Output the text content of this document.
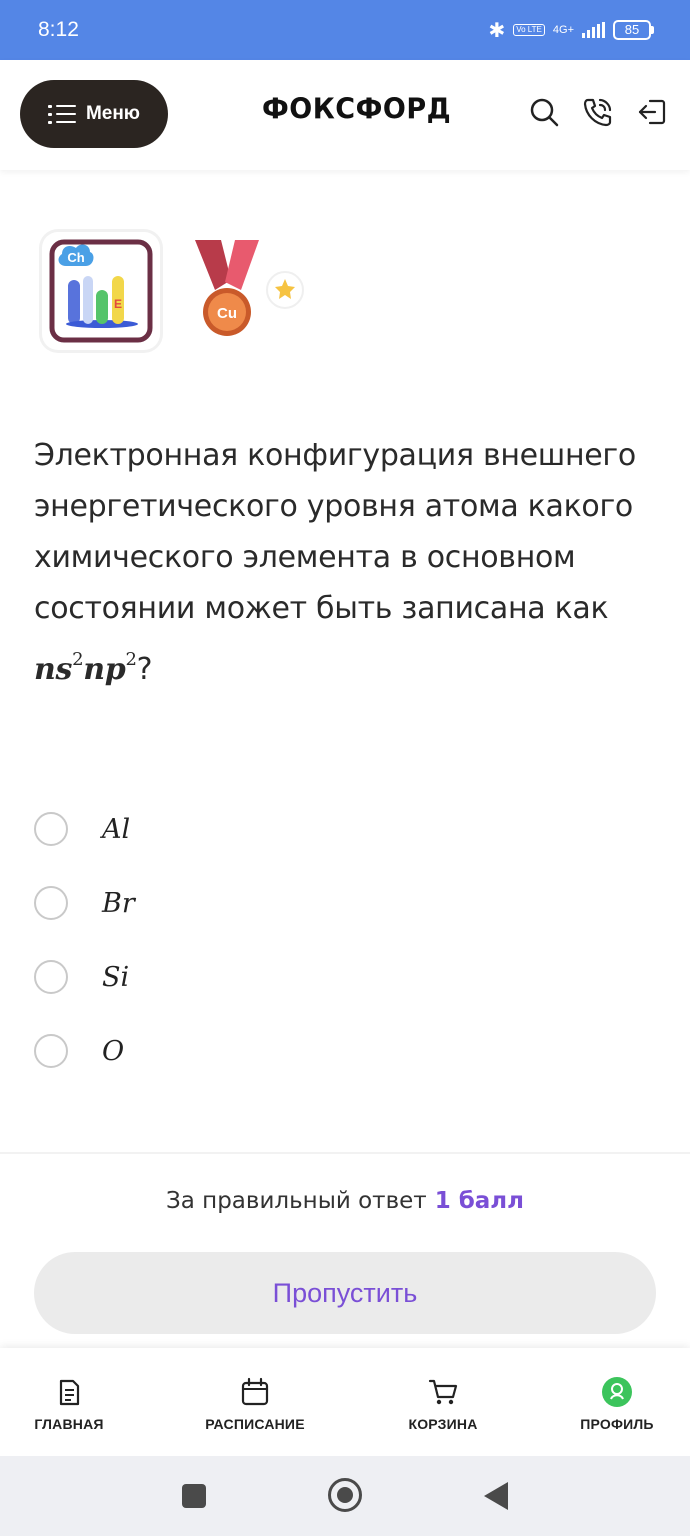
8:12	✱	Vo LTE 4G+	85
Меню	ФОКСФОРД
E
Ch
Cu
Электронная конфигурация внешнего энергетического уровня атома какого химического элемента в основном состоянии может быть записана как
$ns^2np^2$?
Al
Br
Si
O
За правильный ответ 1 балл
Пропустить
ГЛАВНАЯ	РАСПИСАНИЕ	КОРЗИНА	ПРОФИЛЬ
